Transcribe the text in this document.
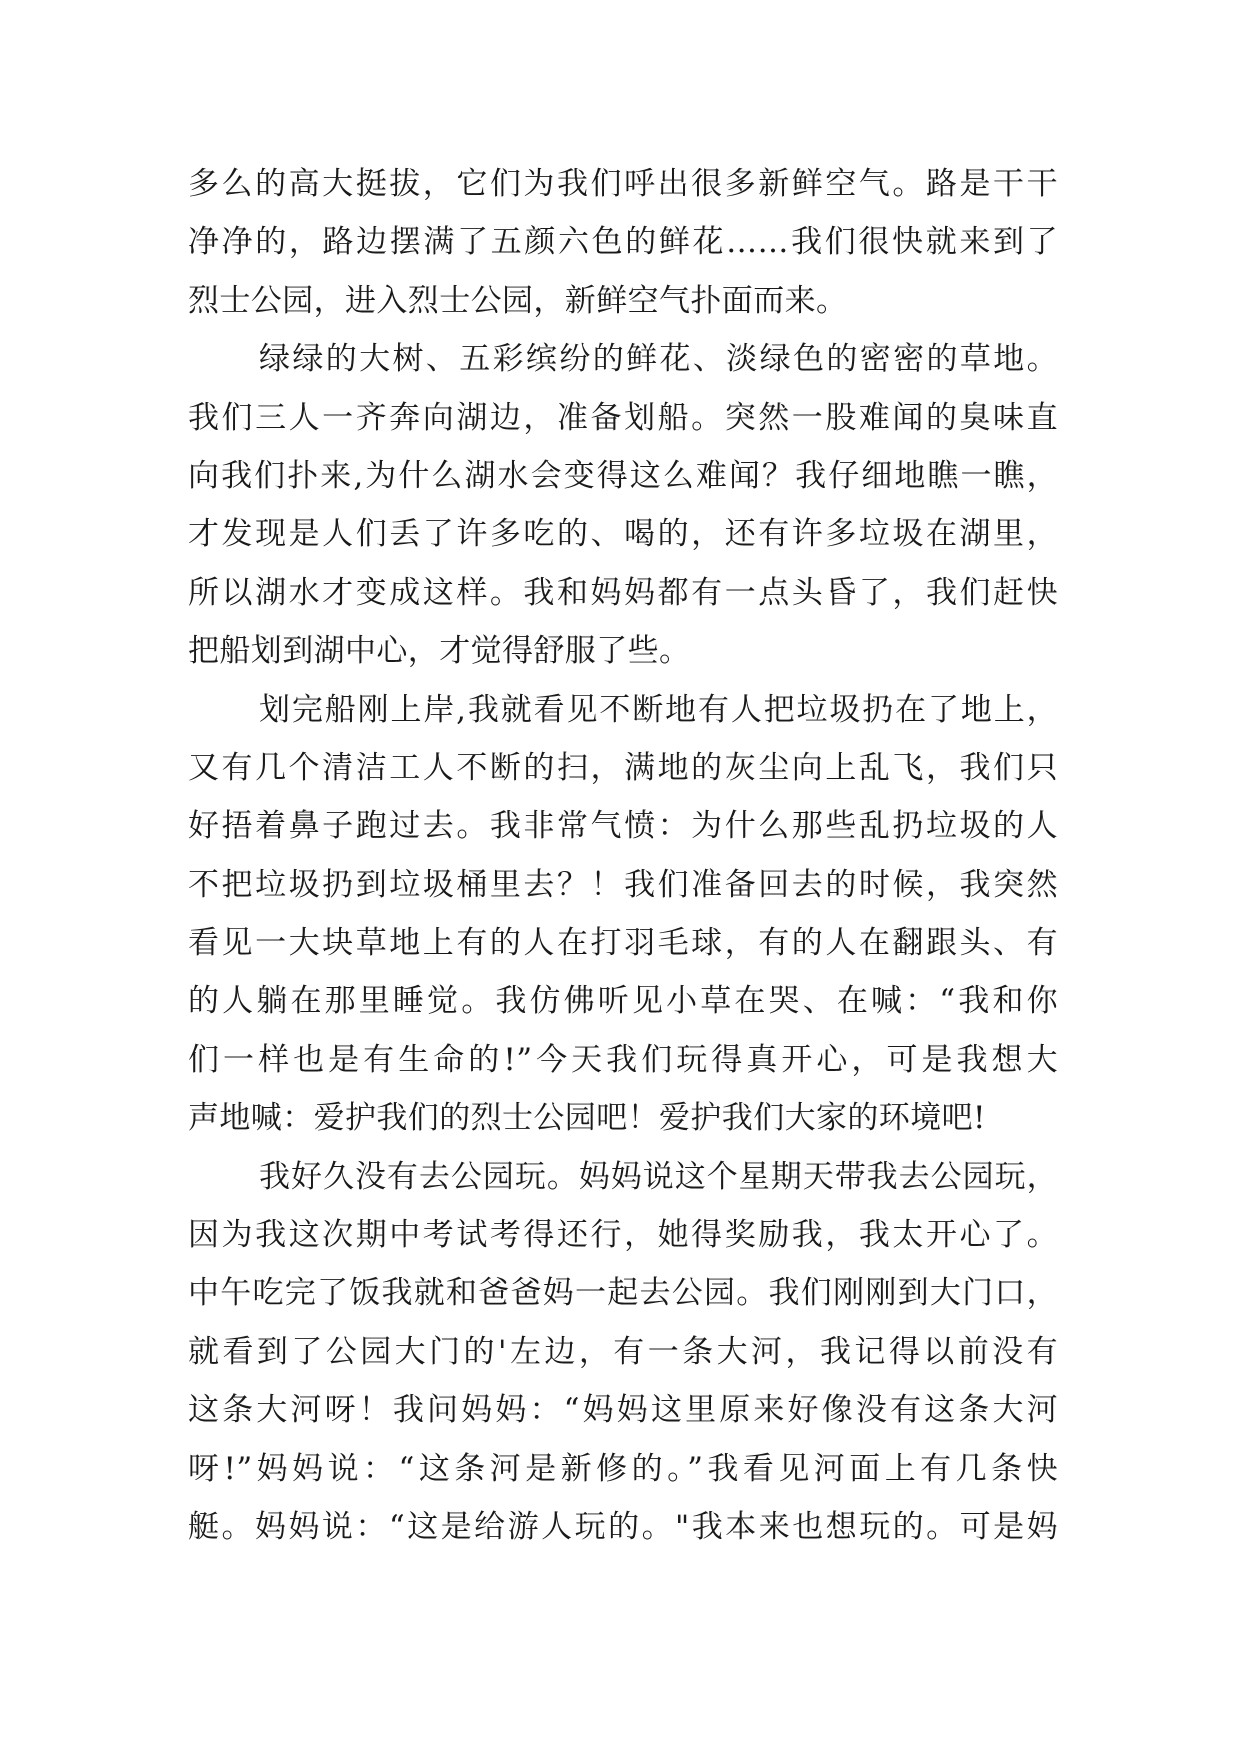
多么的高大挺拔，它们为我们呼出很多新鲜空气。路是干干
净净的，路边摆满了五颜六色的鲜花……我们很快就来到了
烈士公园，进入烈士公园，新鲜空气扑面而来。
绿绿的大树、五彩缤纷的鲜花、淡绿色的密密的草地。
我们三人一齐奔向湖边，准备划船。突然一股难闻的臭味直
向我们扑来,为什么湖水会变得这么难闻？我仔细地瞧一瞧，
才发现是人们丢了许多吃的、喝的，还有许多垃圾在湖里，
所以湖水才变成这样。我和妈妈都有一点头昏了，我们赶快
把船划到湖中心，才觉得舒服了些。
划完船刚上岸,我就看见不断地有人把垃圾扔在了地上，
又有几个清洁工人不断的扫，满地的灰尘向上乱飞，我们只
好捂着鼻子跑过去。我非常气愤：为什么那些乱扔垃圾的人
不把垃圾扔到垃圾桶里去？！我们准备回去的时候，我突然
看见一大块草地上有的人在打羽毛球，有的人在翻跟头、有
的人躺在那里睡觉。我仿佛听见小草在哭、在喊：“我和你
们一样也是有生命的!”今天我们玩得真开心，可是我想大
声地喊：爱护我们的烈士公园吧！爱护我们大家的环境吧!
我好久没有去公园玩。妈妈说这个星期天带我去公园玩，
因为我这次期中考试考得还行，她得奖励我，我太开心了。
中午吃完了饭我就和爸爸妈一起去公园。我们刚刚到大门口，
就看到了公园大门的'左边，有一条大河，我记得以前没有
这条大河呀！我问妈妈：“妈妈这里原来好像没有这条大河
呀!”妈妈说：“这条河是新修的。”我看见河面上有几条快
艇。妈妈说：“这是给游人玩的。"我本来也想玩的。可是妈
